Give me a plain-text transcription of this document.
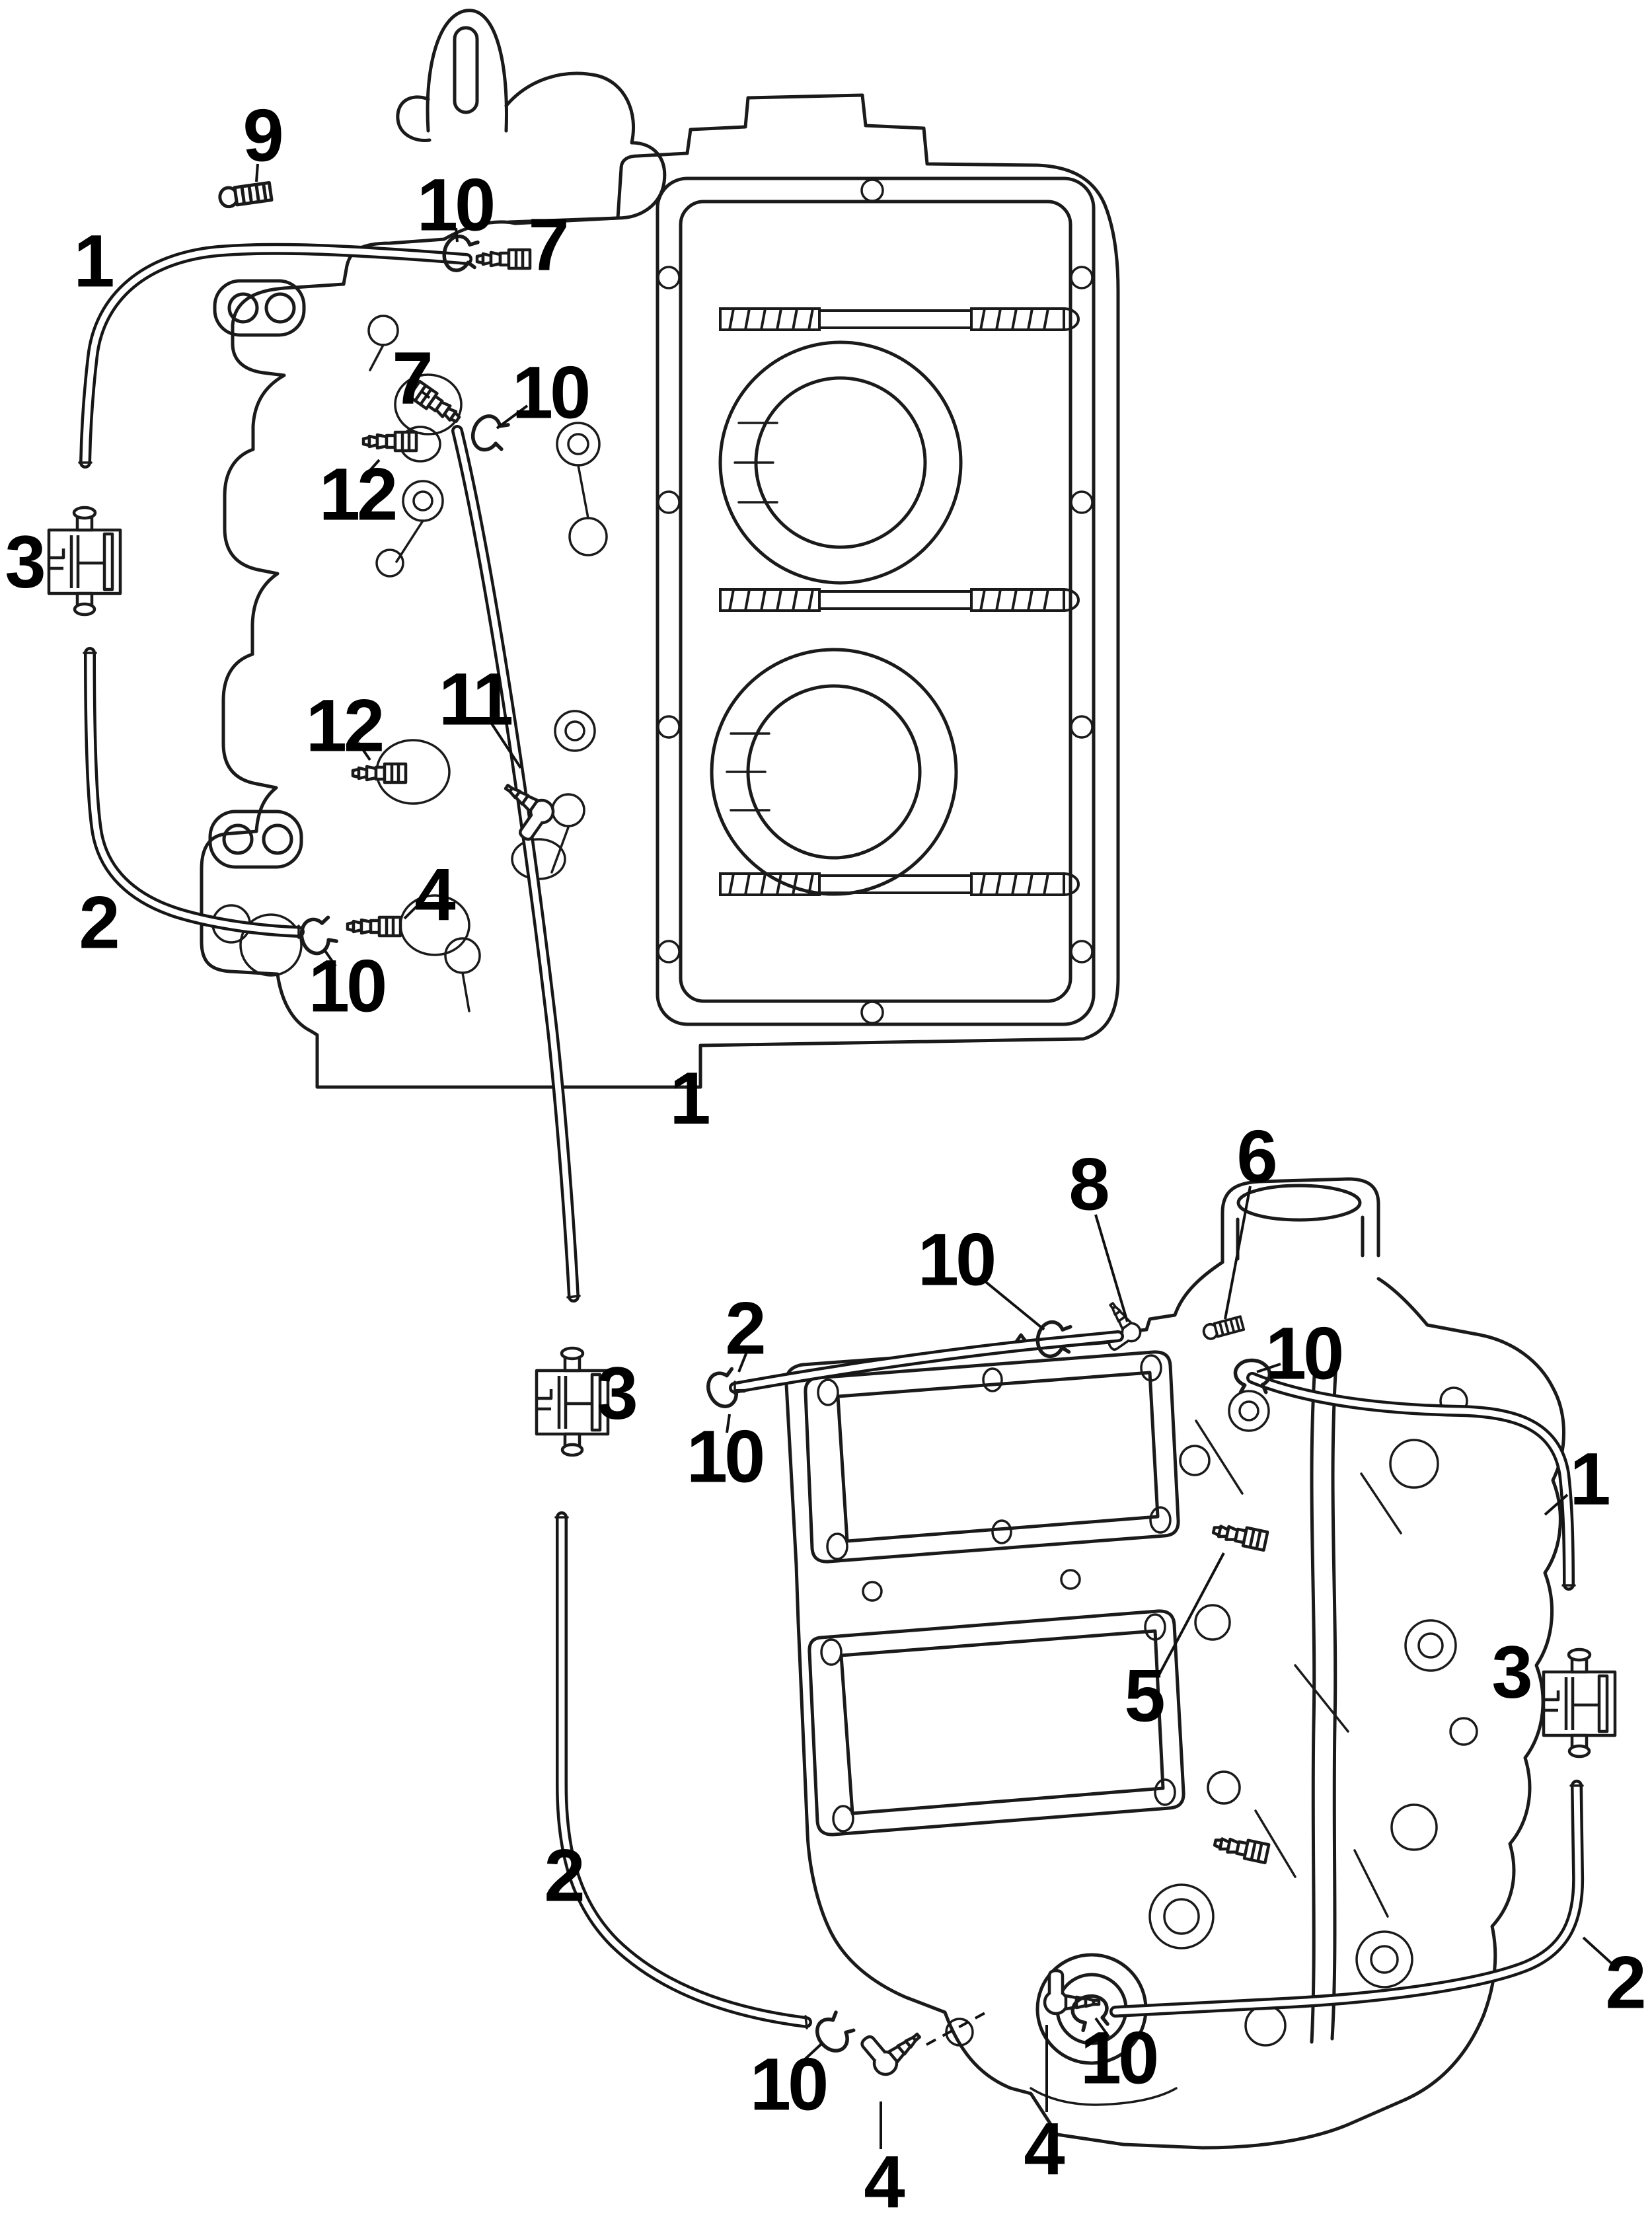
9
10 7
1
7 10
12
3
12 11
2	4
10
1
8 6
10
10
2
3
10	1
3
5
2
2
10
4 4
10
